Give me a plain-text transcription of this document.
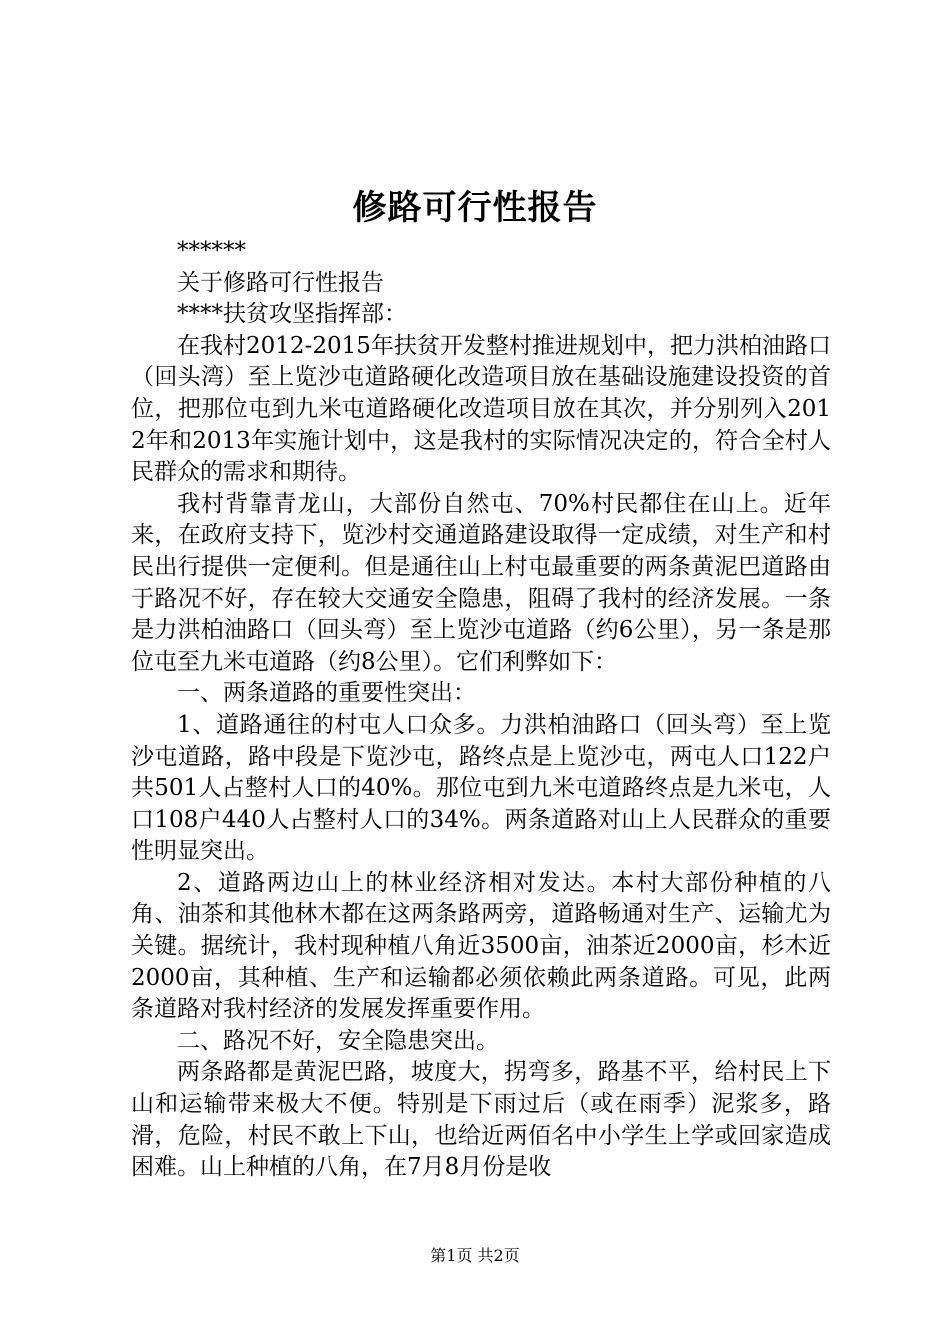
修路可行性报告

******

关于修路可行性报告

****扶贫攻坚指挥部：

在我村2012-2015年扶贫开发整村推进规划中，把力洪柏油路口（回头湾）至上览沙屯道路硬化改造项目放在基础设施建设投资的首位，把那位屯到九米屯道路硬化改造项目放在其次，并分别列入2012年和2013年实施计划中，这是我村的实际情况决定的，符合全村人民群众的需求和期待。

我村背靠青龙山，大部份自然屯、70%村民都住在山上。近年来，在政府支持下，览沙村交通道路建设取得一定成绩，对生产和村民出行提供一定便利。但是通往山上村屯最重要的两条黄泥巴道路由于路况不好，存在较大交通安全隐患，阻碍了我村的经济发展。一条是力洪柏油路口（回头弯）至上览沙屯道路（约6公里），另一条是那位屯至九米屯道路（约8公里）。它们利弊如下：

一、两条道路的重要性突出：

1、道路通往的村屯人口众多。力洪柏油路口（回头弯）至上览沙屯道路，路中段是下览沙屯，路终点是上览沙屯，两屯人口122户共501人占整村人口的40%。那位屯到九米屯道路终点是九米屯，人口108户440人占整村人口的34%。两条道路对山上人民群众的重要性明显突出。

2、道路两边山上的林业经济相对发达。本村大部份种植的八角、油茶和其他林木都在这两条路两旁，道路畅通对生产、运输尤为关键。据统计，我村现种植八角近3500亩，油茶近2000亩，杉木近2000亩，其种植、生产和运输都必须依赖此两条道路。可见，此两条道路对我村经济的发展发挥重要作用。

二、路况不好，安全隐患突出。

两条路都是黄泥巴路，坡度大，拐弯多，路基不平，给村民上下山和运输带来极大不便。特别是下雨过后（或在雨季）泥浆多，路滑，危险，村民不敢上下山，也给近两佰名中小学生上学或回家造成困难。山上种植的八角，在7月8月份是收

第1页 共2页
